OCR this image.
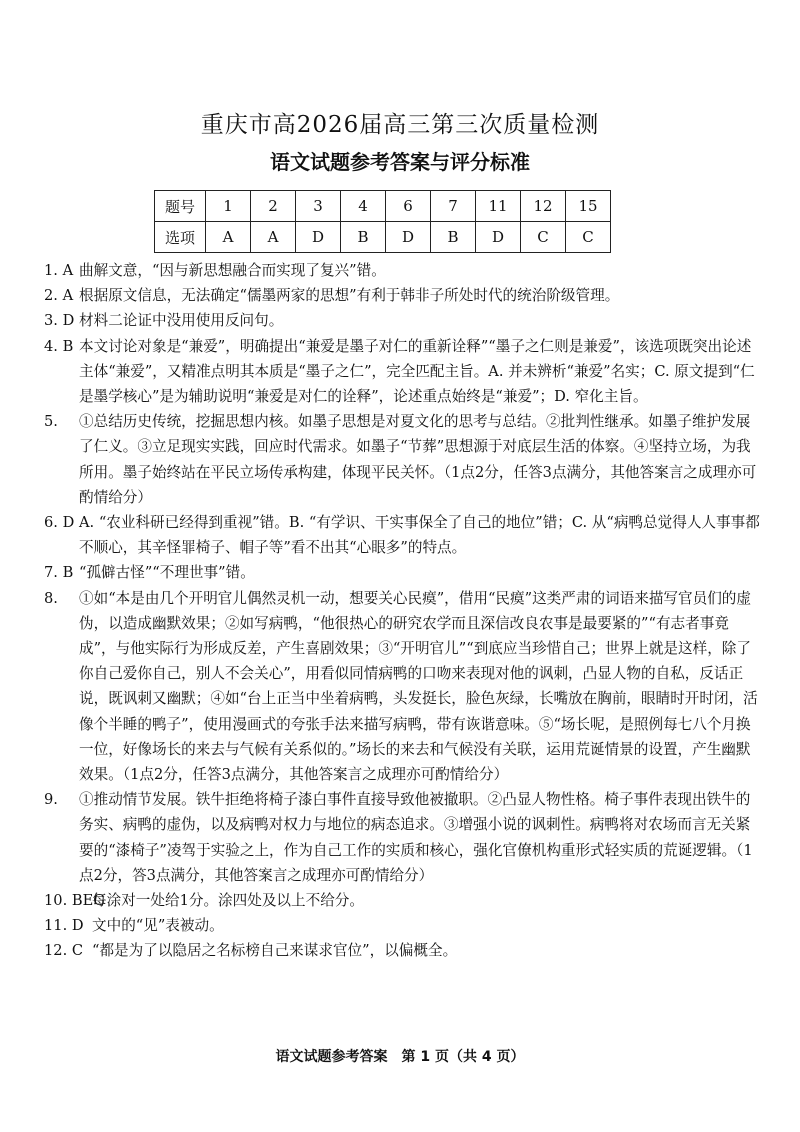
重庆市高2026届高三第三次质量检测
语文试题参考答案与评分标准
题号	1	2	3	4	6	7	11	12	15
选项	A	A	D	B	D	B	D	C	C

1. A 曲解文意，“因与新思想融合而实现了复兴”错。

2. A 根据原文信息，无法确定“儒墨两家的思想”有利于韩非子所处时代的统治阶级管理。

3. D 材料二论证中没用使用反问句。

4. B 本文讨论对象是“兼爱”，明确提出“兼爱是墨子对仁的重新诠释”“墨子之仁则是兼爱”，该选项既突出论述主体“兼爱”，又精准点明其本质是“墨子之仁”，完全匹配主旨。A. 并未辨析“兼爱”名实；C. 原文提到“仁是墨学核心”是为辅助说明“兼爱是对仁的诠释”，论述重点始终是“兼爱”；D. 窄化主旨。

5. ①总结历史传统，挖掘思想内核。如墨子思想是对夏文化的思考与总结。②批判性继承。如墨子维护发展了仁义。③立足现实实践，回应时代需求。如墨子“节葬”思想源于对底层生活的体察。④坚持立场，为我所用。墨子始终站在平民立场传承构建，体现平民关怀。（1点2分，任答3点满分，其他答案言之成理亦可酌情给分）

6. D A. “农业科研已经得到重视”错。B. “有学识、干实事保全了自己的地位”错；C. 从“病鸭总觉得人人事事都不顺心，其辛怪罪椅子、帽子等”看不出其“心眼多”的特点。

7. B “孤僻古怪”“不理世事”错。

8. ①如“本是由几个开明官儿偶然灵机一动，想要关心民瘼”，借用“民瘼”这类严肃的词语来描写官员们的虚伪，以造成幽默效果；②如写病鸭，“他很热心的研究农学而且深信改良农事是最要紧的”“有志者事竟成”，与他实际行为形成反差，产生喜剧效果；③“开明官儿”“到底应当珍惜自己；世界上就是这样，除了你自己爱你自己，别人不会关心”，用看似同情病鸭的口吻来表现对他的讽刺，凸显人物的自私，反话正说，既讽刺又幽默；④如“台上正当中坐着病鸭，头发挺长，脸色灰绿，长嘴放在胸前，眼睛时开时闭，活像个半睡的鸭子”，使用漫画式的夸张手法来描写病鸭，带有诙谐意味。⑤“场长呢，是照例每七八个月换一位，好像场长的来去与气候有关系似的。”场长的来去和气候没有关联，运用荒诞情景的设置，产生幽默效果。（1点2分，任答3点满分，其他答案言之成理亦可酌情给分）

9. ①推动情节发展。铁牛拒绝将椅子漆白事件直接导致他被撤职。②凸显人物性格。椅子事件表现出铁牛的务实、病鸭的虚伪，以及病鸭对权力与地位的病态追求。③增强小说的讽刺性。病鸭将对农场而言无关紧要的“漆椅子”凌驾于实验之上，作为自己工作的实质和核心，强化官僚机构重形式轻实质的荒诞逻辑。（1点2分，答3点满分，其他答案言之成理亦可酌情给分）

10. BEG
每涂对一处给1分。涂四处及以上不给分。

11. D 文中的“见”表被动。

12. C “都是为了以隐居之名标榜自己来谋求官位”，以偏概全。

语文试题参考答案　第 1 页（共 4 页）
